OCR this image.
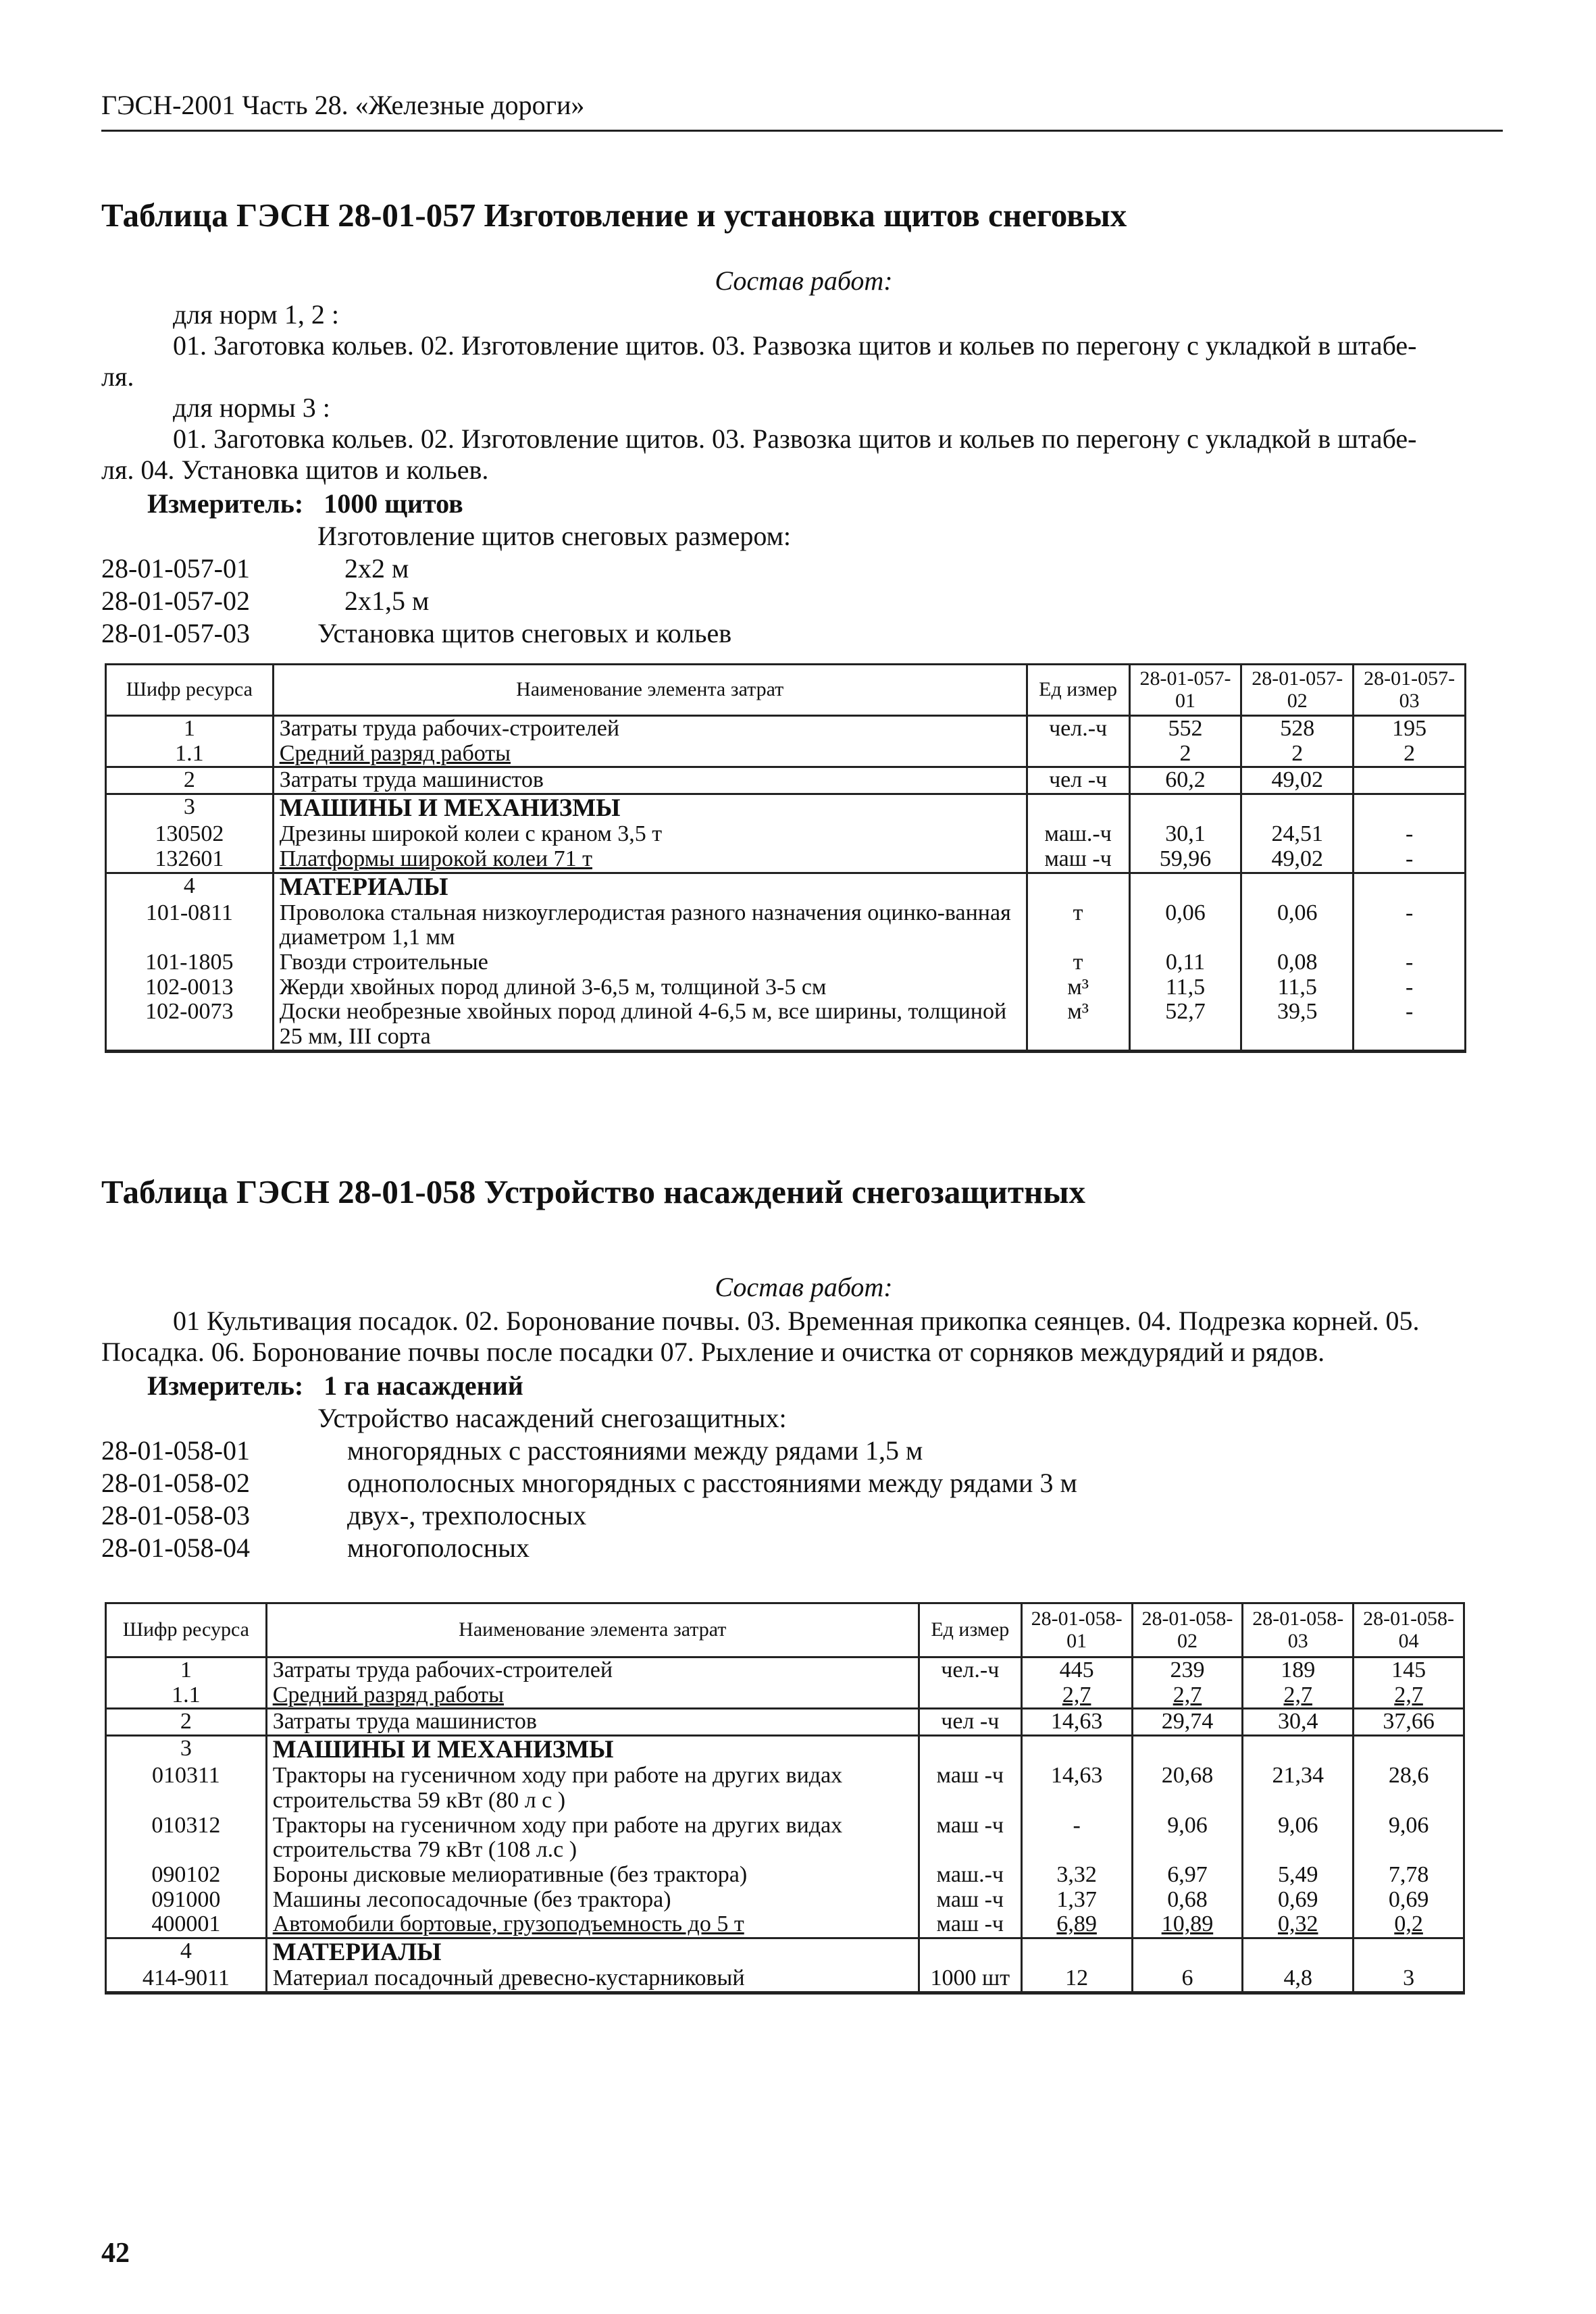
ГЭСН-2001 Часть 28. «Железные дороги»
Таблица ГЭСН 28-01-057 Изготовление и установка щитов снеговых
Состав работ:
для норм 1, 2 :
01. Заготовка кольев. 02. Изготовление щитов. 03. Развозка щитов и кольев по перегону с укладкой в штабе-
ля.
для нормы 3 :
01. Заготовка кольев. 02. Изготовление щитов. 03. Развозка щитов и кольев по перегону с укладкой в штабе-
ля. 04. Установка щитов и кольев.
Измеритель: 1000 щитов
Изготовление щитов снеговых размером:
28-01-057-01	2х2 м
28-01-057-02	2х1,5 м
28-01-057-03	Установка щитов снеговых и кольев
Шифр ресурса	Наименование элемента затрат	Ед измер	28-01-057-01	28-01-057-02	28-01-057-03
1	Затраты труда рабочих-строителей	чел.-ч	552	528	195
1.1	Средний разряд работы		2	2	2
2	Затраты труда машинистов	чел -ч	60,2	49,02	
3	МАШИНЫ И МЕХАНИЗМЫ				
130502	Дрезины широкой колеи с краном 3,5 т	маш.-ч	30,1	24,51	-
132601	Платформы широкой колеи 71 т	маш -ч	59,96	49,02	-
4	МАТЕРИАЛЫ				
101-0811	Проволока стальная низкоуглеродистая разного назначения оцинко-ванная диаметром 1,1 мм	т	0,06	0,06	-
101-1805	Гвозди строительные	т	0,11	0,08	-
102-0013	Жерди хвойных пород длиной 3-6,5 м, толщиной 3-5 см	м³	11,5	11,5	-
102-0073	Доски необрезные хвойных пород длиной 4-6,5 м, все ширины, толщиной 25 мм, III сорта	м³	52,7	39,5	-
Таблица ГЭСН 28-01-058 Устройство насаждений снегозащитных
Состав работ:
01 Культивация посадок. 02. Боронование почвы. 03. Временная прикопка сеянцев. 04. Подрезка корней. 05.
Посадка. 06. Боронование почвы после посадки 07. Рыхление и очистка от сорняков междурядий и рядов.
Измеритель: 1 га насаждений
Устройство насаждений снегозащитных:
28-01-058-01	многорядных с расстояниями между рядами 1,5 м
28-01-058-02	однополосных многорядных с расстояниями между рядами 3 м
28-01-058-03	двух-, трехполосных
28-01-058-04	многополосных
Шифр ресурса	Наименование элемента затрат	Ед измер	28-01-058-01	28-01-058-02	28-01-058-03	28-01-058-04
1	Затраты труда рабочих-строителей	чел.-ч	445	239	189	145
1.1	Средний разряд работы		2,7	2,7	2,7	2,7
2	Затраты труда машинистов	чел -ч	14,63	29,74	30,4	37,66
3	МАШИНЫ И МЕХАНИЗМЫ					
010311	Тракторы на гусеничном ходу при работе на других видах строительства 59 кВт (80 л с )	маш -ч	14,63	20,68	21,34	28,6
010312	Тракторы на гусеничном ходу при работе на других видах строительства 79 кВт (108 л.с )	маш -ч	-	9,06	9,06	9,06
090102	Бороны дисковые мелиоративные (без трактора)	маш.-ч	3,32	6,97	5,49	7,78
091000	Машины лесопосадочные (без трактора)	маш -ч	1,37	0,68	0,69	0,69
400001	Автомобили бортовые, грузоподъемность до 5 т	маш -ч	6,89	10,89	0,32	0,2
4	МАТЕРИАЛЫ					
414-9011	Материал посадочный древесно-кустарниковый	1000 шт	12	6	4,8	3
42
